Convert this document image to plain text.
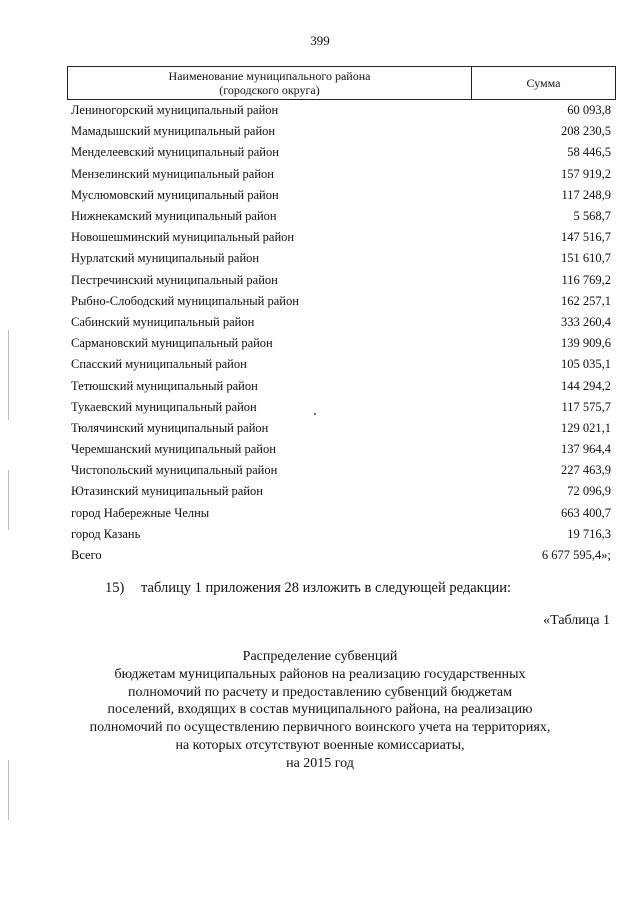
399
Наименование муниципального района
(городского округа)
Сумма
Лениногорский муниципальный район	60 093,8
Мамадышский муниципальный район	208 230,5
Менделеевский муниципальный район	58 446,5
Мензелинский муниципальный район	157 919,2
Муслюмовский муниципальный район	117 248,9
Нижнекамский муниципальный район	5 568,7
Новошешминский муниципальный район	147 516,7
Нурлатский муниципальный район	151 610,7
Пестречинский муниципальный район	116 769,2
Рыбно-Слободский муниципальный район	162 257,1
Сабинский муниципальный район	333 260,4
Сармановский муниципальный район	139 909,6
Спасский муниципальный район	105 035,1
Тетюшский муниципальный район	144 294,2
Тукаевский муниципальный район	117 575,7
Тюлячинский муниципальный район	129 021,1
Черемшанский муниципальный район	137 964,4
Чистопольский муниципальный район	227 463,9
Ютазинский муниципальный район	72 096,9
город Набережные Челны	663 400,7
город Казань	19 716,3
Всего	6 677 595,4»;
15) таблицу 1 приложения 28 изложить в следующей редакции:
«Таблица 1
Распределение субвенций
бюджетам муниципальных районов на реализацию государственных
полномочий по расчету и предоставлению субвенций бюджетам
поселений, входящих в состав муниципального района, на реализацию
полномочий по осуществлению первичного воинского учета на территориях,
на которых отсутствуют военные комиссариаты,
на 2015 год
